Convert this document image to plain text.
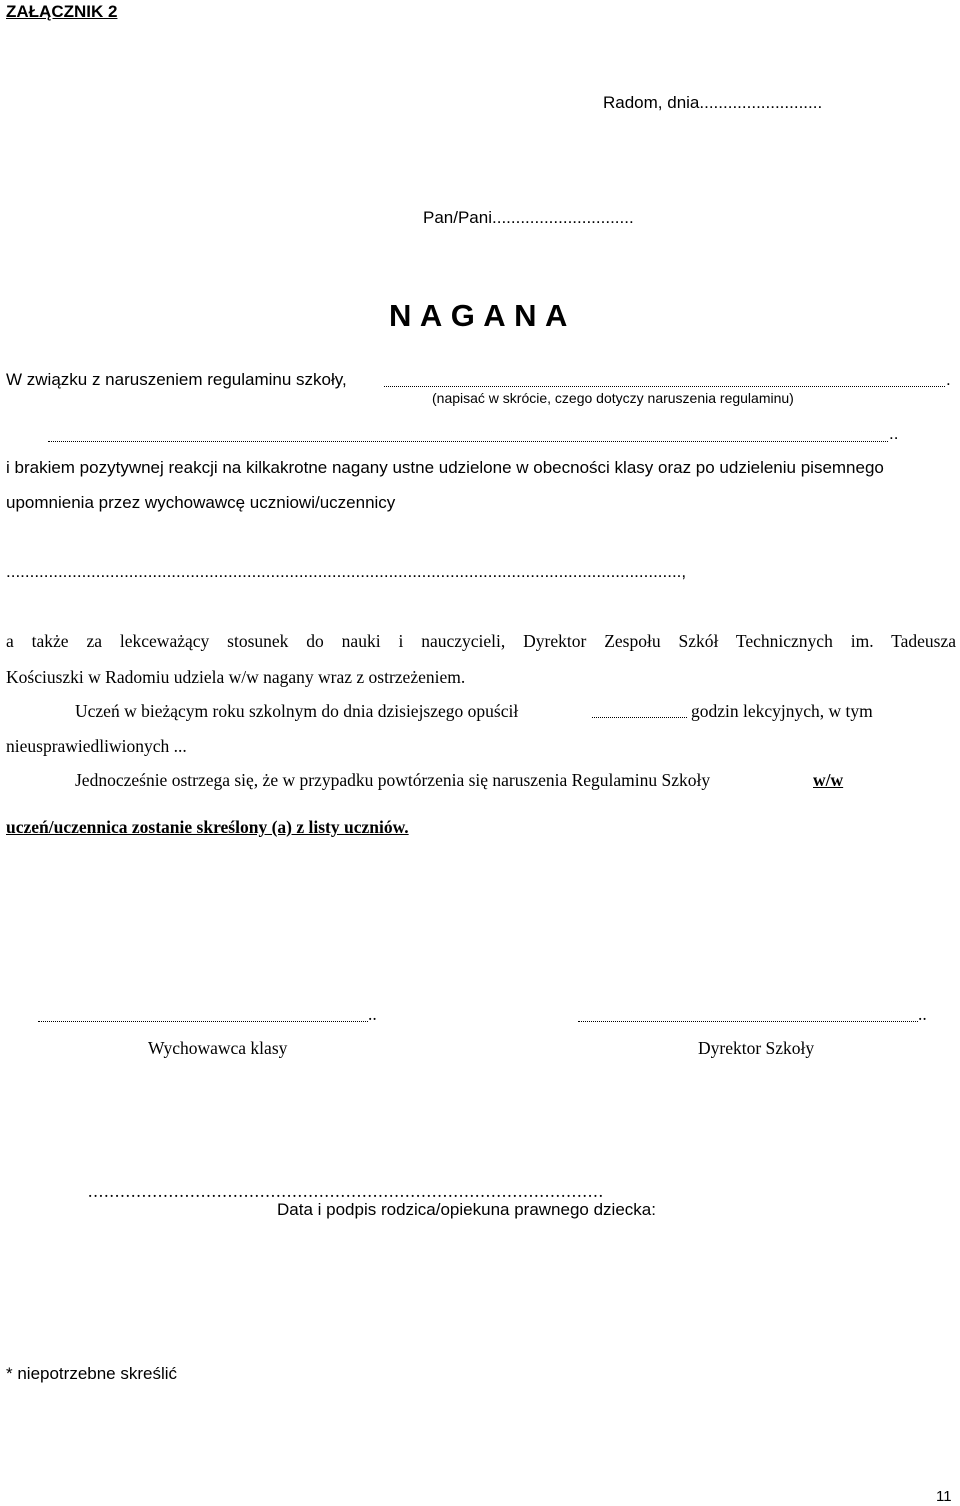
ZAŁĄCZNIK 2
Radom, dnia..........................
Pan/Pani..............................
N A G A N A
W związku z naruszeniem regulaminu szkoły,	.
(napisać w skrócie, czego dotyczy naruszenia regulaminu)
..
i brakiem pozytywnej reakcji na kilkakrotne nagany ustne udzielone w obecności klasy oraz po udzieleniu pisemnego
upomnienia przez wychowawcę uczniowi/uczennicy
...............................................................................................................................................,
a także za lekceważący stosunek do nauki i nauczycieli, Dyrektor Zespołu Szkół Technicznych im. Tadeusza
Kościuszki w Radomiu udziela w/w nagany wraz z ostrzeżeniem.
Uczeń w bieżącym roku szkolnym do dnia dzisiejszego opuścił	godzin lekcyjnych, w tym
nieusprawiedliwionych ...
Jednocześnie ostrzega się, że w przypadku powtórzenia się naruszenia Regulaminu Szkoły	w/w
uczeń/uczennica zostanie skreślony (a) z listy uczniów.
..
Wychowawca klasy
..
Dyrektor Szkoły
................................................................................................
Data i podpis rodzica/opiekuna prawnego dziecka:
* niepotrzebne skreślić
11
